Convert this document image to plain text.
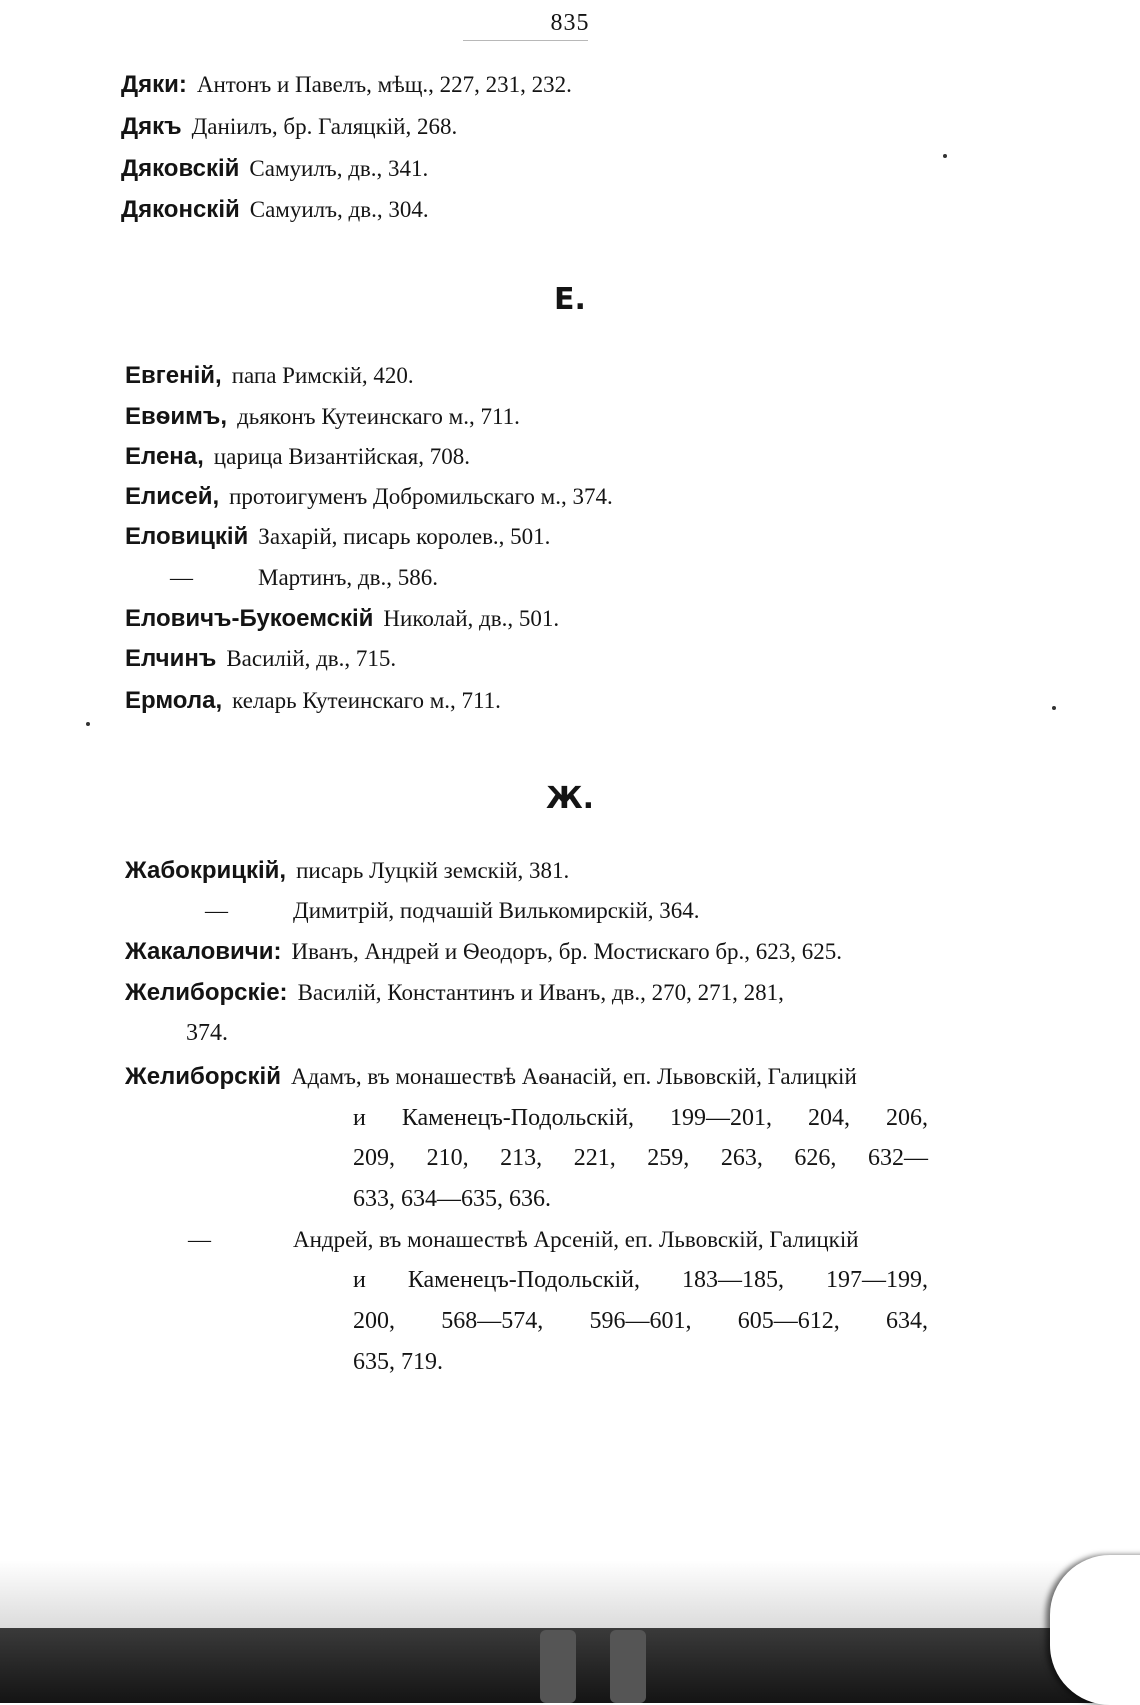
835
Дяки: Антонъ и Павелъ, мѣщ., 227, 231, 232.
Дякъ Даніилъ, бр. Галяцкій, 268.
Дяковскій Самуилъ, дв., 341.
Дяконскій Самуилъ, дв., 304.
Е.
Евгеній, папа Римскій, 420.
Евѳимъ, дьяконъ Кутеинскаго м., 711.
Елена, царица Византійская, 708.
Елисей, протоигуменъ Добромильскаго м., 374.
Еловицкій Захарій, писарь королев., 501.
—	Мартинъ, дв., 586.
Еловичъ-Букоемскій Николай, дв., 501.
Елчинъ Василій, дв., 715.
Ермола, келарь Кутеинскаго м., 711.
Ж.
Жабокрицкій, писарь Луцкій земскій, 381.
—	Димитрій, подчашій Вилькомирскій, 364.
Жакаловичи: Иванъ, Андрей и Ѳеодоръ, бр. Мостискаго бр., 623, 625.
Желиборскіе: Василій, Константинъ и Иванъ, дв., 270, 271, 281,
374.
Желиборскій Адамъ, въ монашествѣ Аѳанасій, еп. Львовскій, Галицкій
и Каменецъ-Подольскій, 199—201, 204, 206,
209, 210, 213, 221, 259, 263, 626, 632—
633, 634—635, 636.
—	Андрей, въ монашествѣ Арсеній, еп. Львовскій, Галицкій
и Каменецъ-Подольскій, 183—185, 197—199,
200, 568—574, 596—601, 605—612, 634,
635, 719.
